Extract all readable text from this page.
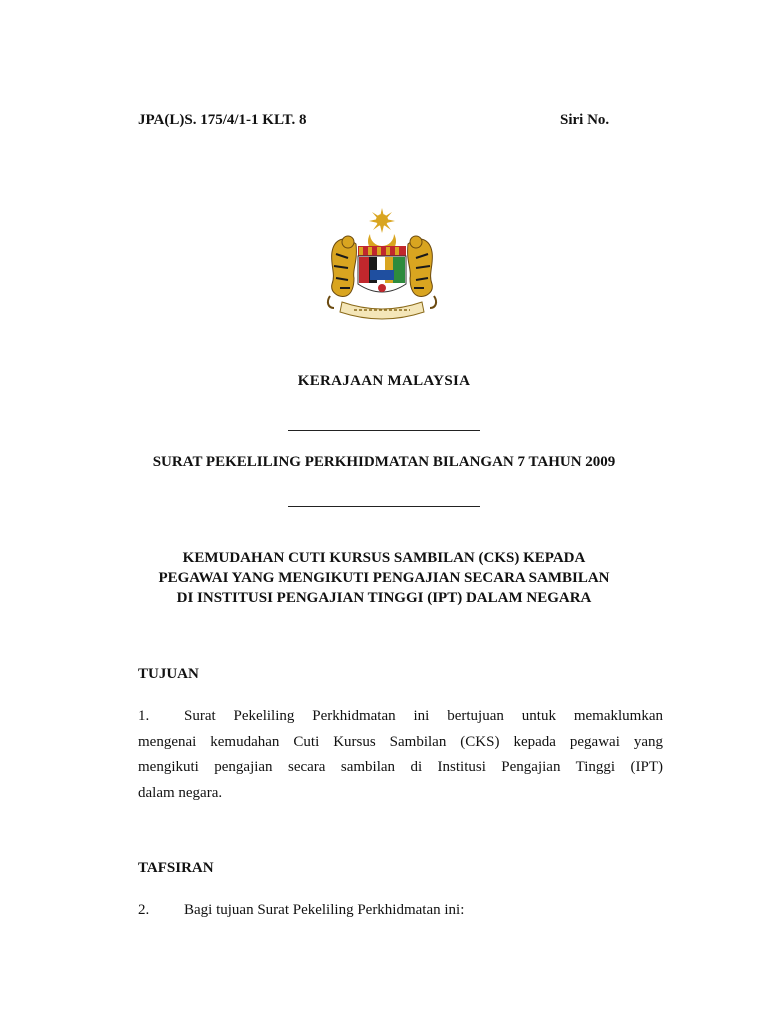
JPA(L)S. 175/4/1-1 KLT. 8	Siri No.
KERAJAAN MALAYSIA
SURAT PEKELILING PERKHIDMATAN BILANGAN 7 TAHUN 2009
KEMUDAHAN CUTI KURSUS SAMBILAN (CKS) KEPADA
PEGAWAI YANG MENGIKUTI PENGAJIAN SECARA SAMBILAN
DI INSTITUSI PENGAJIAN TINGGI (IPT) DALAM NEGARA
TUJUAN
1. Surat Pekeliling Perkhidmatan ini bertujuan untuk memaklumkan
mengenai kemudahan Cuti Kursus Sambilan (CKS) kepada pegawai yang
mengikuti pengajian secara sambilan di Institusi Pengajian Tinggi (IPT)
dalam negara.
TAFSIRAN
2. Bagi tujuan Surat Pekeliling Perkhidmatan ini:
